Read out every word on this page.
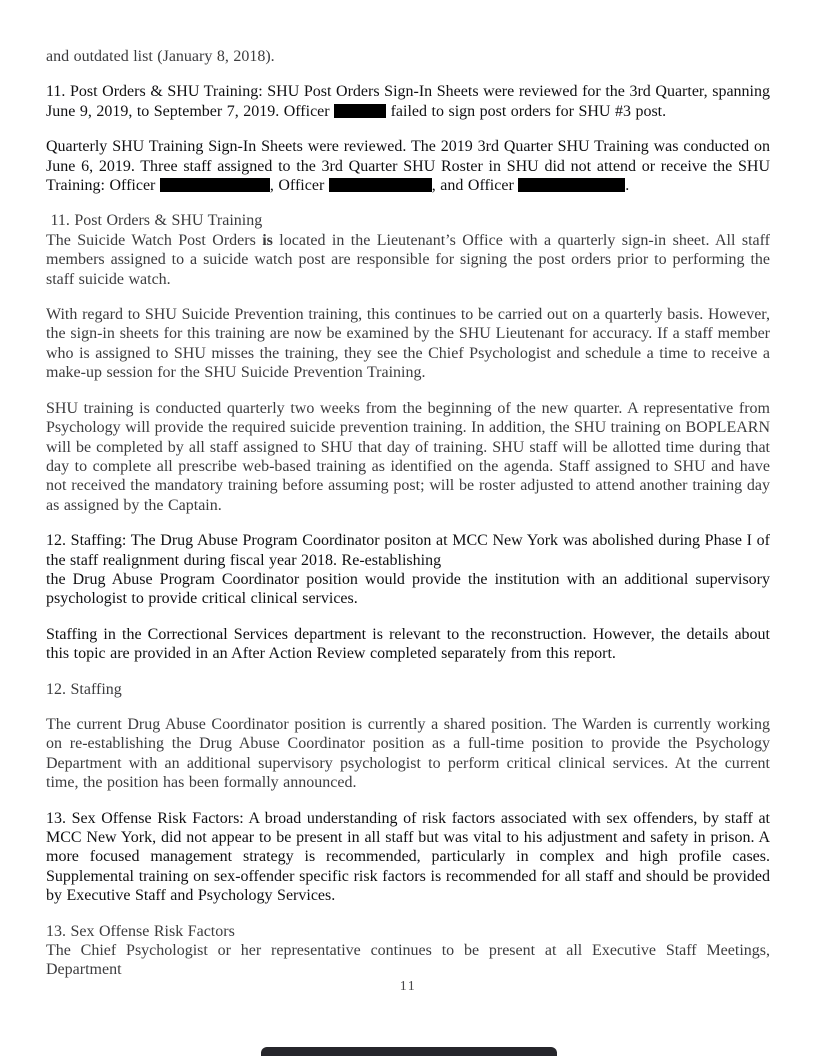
and outdated list (January 8, 2018).

11. Post Orders & SHU Training: SHU Post Orders Sign-In Sheets were reviewed for the 3rd Quarter, spanning June 9, 2019, to September 7, 2019. Officer	failed to sign post orders for SHU #3 post.

Quarterly SHU Training Sign-In Sheets were reviewed. The 2019 3rd Quarter SHU Training was conducted on June 6, 2019. Three staff assigned to the 3rd Quarter SHU Roster in SHU did not attend or receive the SHU Training: Officer	, Officer	, and Officer	.

11. Post Orders & SHU Training
The Suicide Watch Post Orders is located in the Lieutenant’s Office with a quarterly sign-in sheet. All staff members assigned to a suicide watch post are responsible for signing the post orders prior to performing the staff suicide watch.

With regard to SHU Suicide Prevention training, this continues to be carried out on a quarterly basis. However, the sign-in sheets for this training are now be examined by the SHU Lieutenant for accuracy. If a staff member who is assigned to SHU misses the training, they see the Chief Psychologist and schedule a time to receive a make-up session for the SHU Suicide Prevention Training.

SHU training is conducted quarterly two weeks from the beginning of the new quarter. A representative from Psychology will provide the required suicide prevention training. In addition, the SHU training on BOPLEARN will be completed by all staff assigned to SHU that day of training. SHU staff will be allotted time during that day to complete all prescribe web-based training as identified on the agenda. Staff assigned to SHU and have not received the mandatory training before assuming post; will be roster adjusted to attend another training day as assigned by the Captain.

12. Staffing: The Drug Abuse Program Coordinator positon at MCC New York was abolished during Phase I of the staff realignment during fiscal year 2018. Re-establishing
the Drug Abuse Program Coordinator position would provide the institution with an additional supervisory psychologist to provide critical clinical services.

Staffing in the Correctional Services department is relevant to the reconstruction. However, the details about this topic are provided in an After Action Review completed separately from this report.

12. Staffing

The current Drug Abuse Coordinator position is currently a shared position. The Warden is currently working on re-establishing the Drug Abuse Coordinator position as a full-time position to provide the Psychology Department with an additional supervisory psychologist to perform critical clinical services. At the current time, the position has been formally announced.

13. Sex Offense Risk Factors: A broad understanding of risk factors associated with sex offenders, by staff at MCC New York, did not appear to be present in all staff but was vital to his adjustment and safety in prison. A more focused management strategy is recommended, particularly in complex and high profile cases. Supplemental training on sex-offender specific risk factors is recommended for all staff and should be provided by Executive Staff and Psychology Services.

13. Sex Offense Risk Factors
The Chief Psychologist or her representative continues to be present at all Executive Staff Meetings, Department

11
